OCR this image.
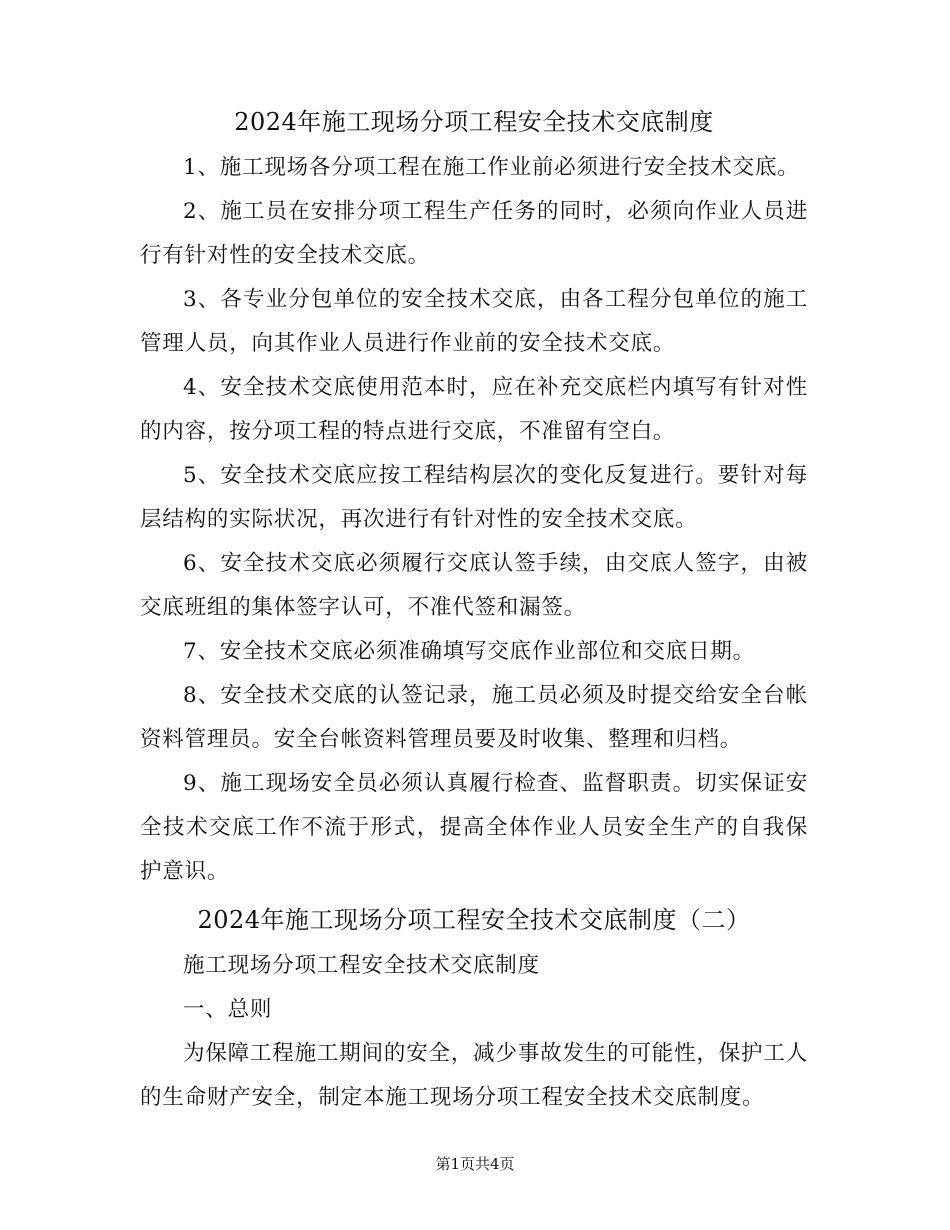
2024年施工现场分项工程安全技术交底制度

1、施工现场各分项工程在施工作业前必须进行安全技术交底。

2、施工员在安排分项工程生产任务的同时，必须向作业人员进行有针对性的安全技术交底。

3、各专业分包单位的安全技术交底，由各工程分包单位的施工管理人员，向其作业人员进行作业前的安全技术交底。

4、安全技术交底使用范本时，应在补充交底栏内填写有针对性的内容，按分项工程的特点进行交底，不准留有空白。

5、安全技术交底应按工程结构层次的变化反复进行。要针对每层结构的实际状况，再次进行有针对性的安全技术交底。

6、安全技术交底必须履行交底认签手续，由交底人签字，由被交底班组的集体签字认可，不准代签和漏签。

7、安全技术交底必须准确填写交底作业部位和交底日期。

8、安全技术交底的认签记录，施工员必须及时提交给安全台帐资料管理员。安全台帐资料管理员要及时收集、整理和归档。

9、施工现场安全员必须认真履行检查、监督职责。切实保证安全技术交底工作不流于形式，提高全体作业人员安全生产的自我保护意识。

2024年施工现场分项工程安全技术交底制度（二）

施工现场分项工程安全技术交底制度

一、总则

为保障工程施工期间的安全，减少事故发生的可能性，保护工人的生命财产安全，制定本施工现场分项工程安全技术交底制度。

第1页共4页
